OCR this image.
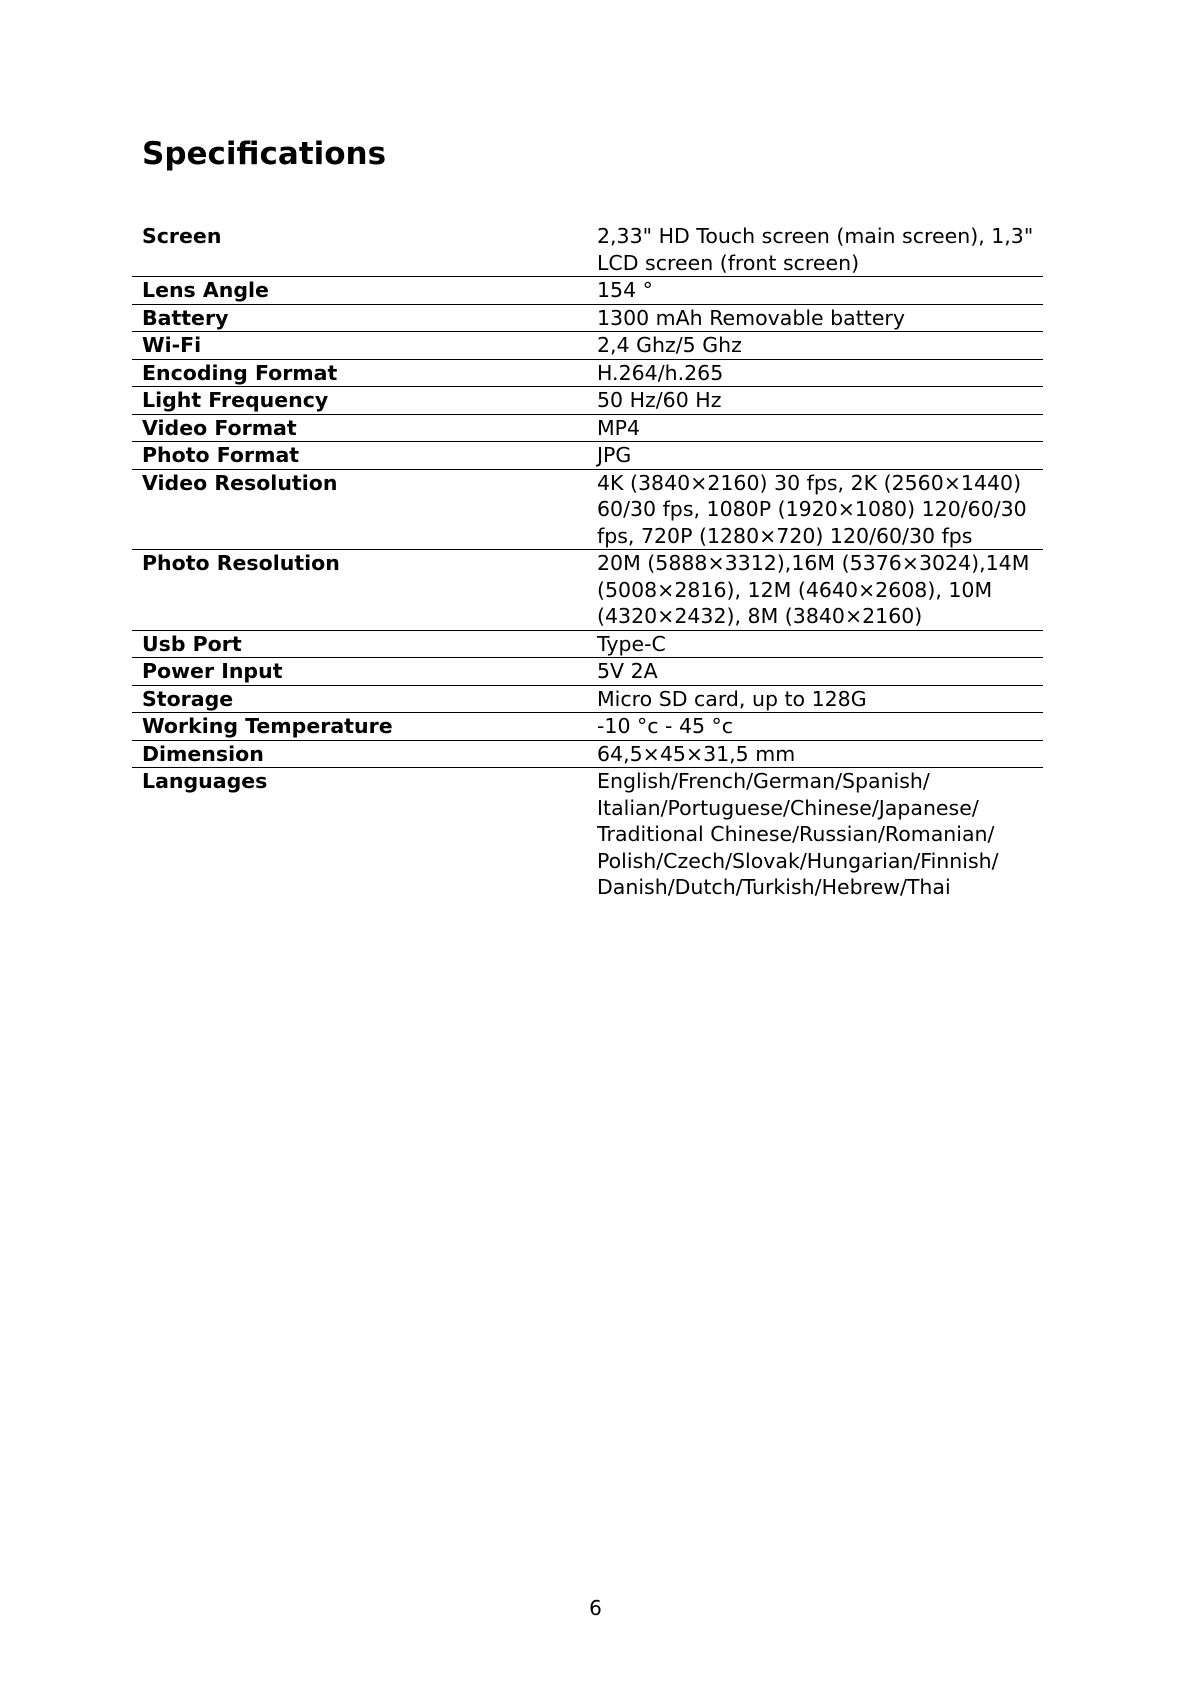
Specifications
Screen	2,33" HD Touch screen (main screen), 1,3" LCD screen (front screen)
Lens Angle	154 °
Battery	1300 mAh Removable battery
Wi-Fi	2,4 Ghz/5 Ghz
Encoding Format	H.264/h.265
Light Frequency	50 Hz/60 Hz
Video Format	MP4
Photo Format	JPG
Video Resolution	4K (3840×2160) 30 fps, 2K (2560×1440) 60/30 fps, 1080P (1920×1080) 120/60/30 fps, 720P (1280×720) 120/60/30 fps
Photo Resolution	20M (5888×3312),16M (5376×3024),14M (5008×2816), 12M (4640×2608), 10M (4320×2432), 8M (3840×2160)
Usb Port	Type-C
Power Input	5V 2A
Storage	Micro SD card, up to 128G
Working Temperature	-10 °c - 45 °c
Dimension	64,5×45×31,5 mm
Languages	English/French/German/Spanish/ Italian/Portuguese/Chinese/Japanese/ Traditional Chinese/Russian/Romanian/ Polish/Czech/Slovak/Hungarian/Finnish/ Danish/Dutch/Turkish/Hebrew/Thai
6
